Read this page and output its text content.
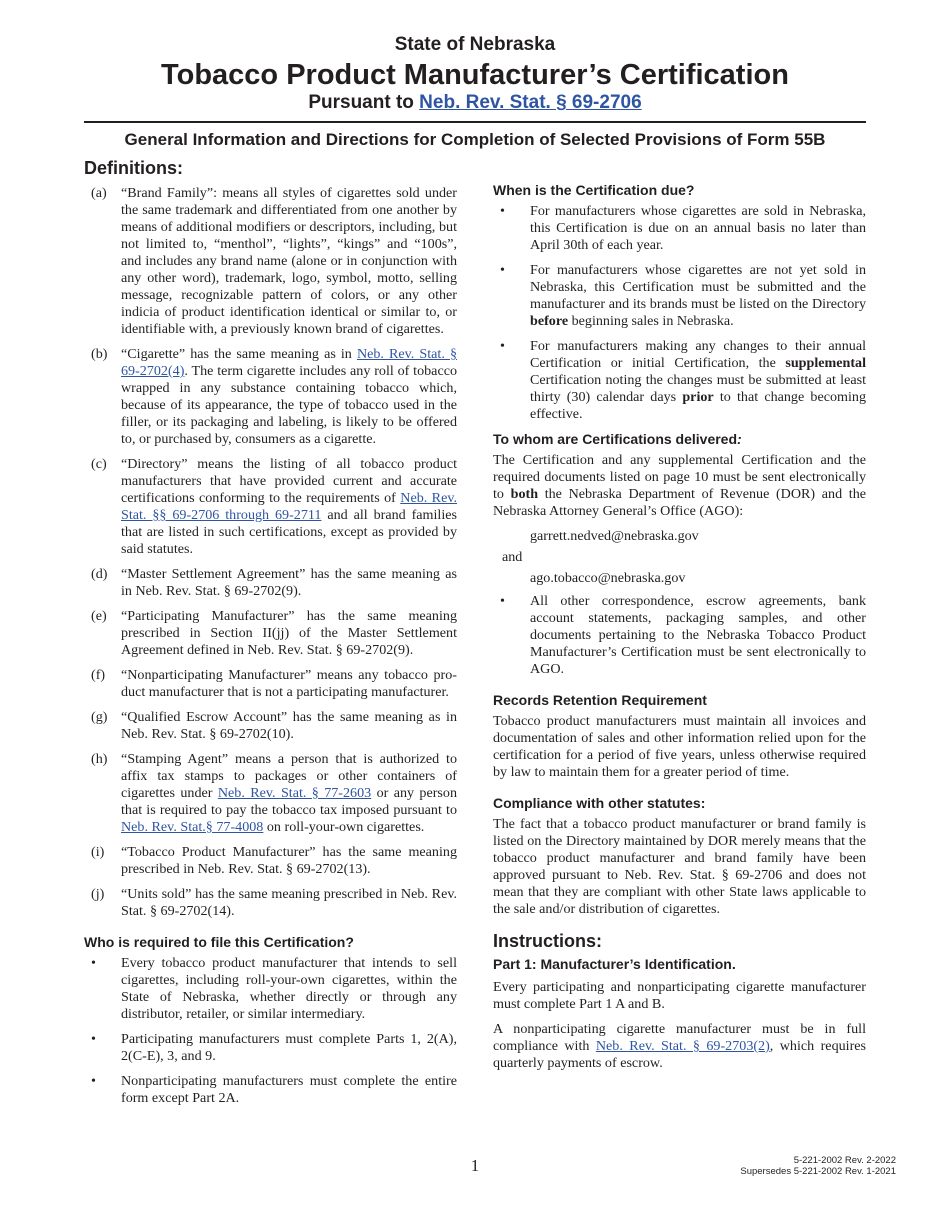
State of Nebraska
Tobacco Product Manufacturer’s Certification
Pursuant to Neb. Rev. Stat. § 69-2706
General Information and Directions for Completion of Selected Provisions of Form 55B
Definitions:
(a)	“Brand Family”: means all styles of cigarettes sold under the same trademark and differentiated from one another by means of additional modifiers or descriptors, including, but not limited to, “menthol”, “lights”, “kings” and “100s”, and includes any brand name (alone or in conjunction with any other word), trademark, logo, symbol, motto, selling message, recognizable pattern of colors, or any other indicia of product identification identical or similar to, or identifiable with, a previously known brand of cigarettes.
(b) “Cigarette” has the same meaning as in Neb. Rev. Stat. § 69-2702(4). The term cigarette includes any roll of tobacco wrapped in any substance containing tobacco which, because of its appearance, the type of tobacco used in the filler, or its packaging and labeling, is likely to be offered to, or purchased by, consumers as a cigarette.
(c)	“Directory” means the listing of all tobacco product manufacturers that have provided current and accurate certifications conforming to the requirements of Neb. Rev. Stat. §§ 69-2706 through 69-2711 and all brand families that are listed in such certifications, except as provided by said statutes.
(d) “Master Settlement Agreement” has the same meaning as in Neb. Rev. Stat. § 69-2702(9).
(e)	“Participating Manufacturer” has the same meaning prescribed in Section II(jj) of the Master Settlement Agreement defined in Neb. Rev. Stat. § 69-2702(9).
(f)	“Nonparticipating Manufacturer” means any tobacco product manufacturer that is not a participating manufacturer.
(g) “Qualified Escrow Account” has the same meaning as in Neb. Rev. Stat. § 69-2702(10).
(h) “Stamping Agent” means a person that is authorized to affix tax stamps to packages or other containers of cigarettes under Neb. Rev. Stat. § 77-2603 or any person that is required to pay the tobacco tax imposed pursuant to Neb. Rev. Stat.§ 77-4008 on roll-your-own cigarettes.
(i)	“Tobacco Product Manufacturer” has the same meaning prescribed in Neb. Rev. Stat. § 69-2702(13).
(j)	“Units sold” has the same meaning prescribed in Neb. Rev. Stat. § 69-2702(14).
Who is required to file this Certification?
•	Every tobacco product manufacturer that intends to sell cigarettes, including roll-your-own cigarettes, within the State of Nebraska, whether directly or through any distributor, retailer, or similar intermediary.
•	Participating manufacturers must complete Parts 1, 2(A), 2(C-E), 3, and 9.
•	Nonparticipating manufacturers must complete the entire form except Part 2A.
When is the Certification due?
•	For manufacturers whose cigarettes are sold in Nebraska, this Certification is due on an annual basis no later than April 30th of each year.
•	For manufacturers whose cigarettes are not yet sold in Nebraska, this Certification must be submitted and the manufacturer and its brands must be listed on the Directory before beginning sales in Nebraska.
•	For manufacturers making any changes to their annual Certification or initial Certification, the supplemental Certification noting the changes must be submitted at least thirty (30) calendar days prior to that change becoming effective.
To whom are Certifications delivered:
The Certification and any supplemental Certification and the required documents listed on page 10 must be sent electronically to both the Nebraska Department of Revenue (DOR) and the Nebraska Attorney General’s Office (AGO):
garrett.nedved@nebraska.gov
and
ago.tobacco@nebraska.gov
•	All other correspondence, escrow agreements, bank account statements, packaging samples, and other documents pertaining to the Nebraska Tobacco Product Manufacturer’s Certification must be sent electronically to AGO.
Records Retention Requirement
Tobacco product manufacturers must maintain all invoices and documentation of sales and other information relied upon for the certification for a period of five years, unless otherwise required by law to maintain them for a greater period of time.
Compliance with other statutes:
The fact that a tobacco product manufacturer or brand family is listed on the Directory maintained by DOR merely means that the tobacco product manufacturer and brand family have been approved pursuant to Neb. Rev. Stat. § 69-2706 and does not mean that they are compliant with other State laws applicable to the sale and/or distribution of cigarettes.
Instructions:
Part 1: Manufacturer’s Identification.
Every participating and nonparticipating cigarette manufacturer must complete Part 1 A and B.
A nonparticipating cigarette manufacturer must be in full compliance with Neb. Rev. Stat. § 69-2703(2), which requires quarterly payments of escrow.
1	5-221-2002 Rev. 2-2022
Supersedes 5-221-2002 Rev. 1-2021
